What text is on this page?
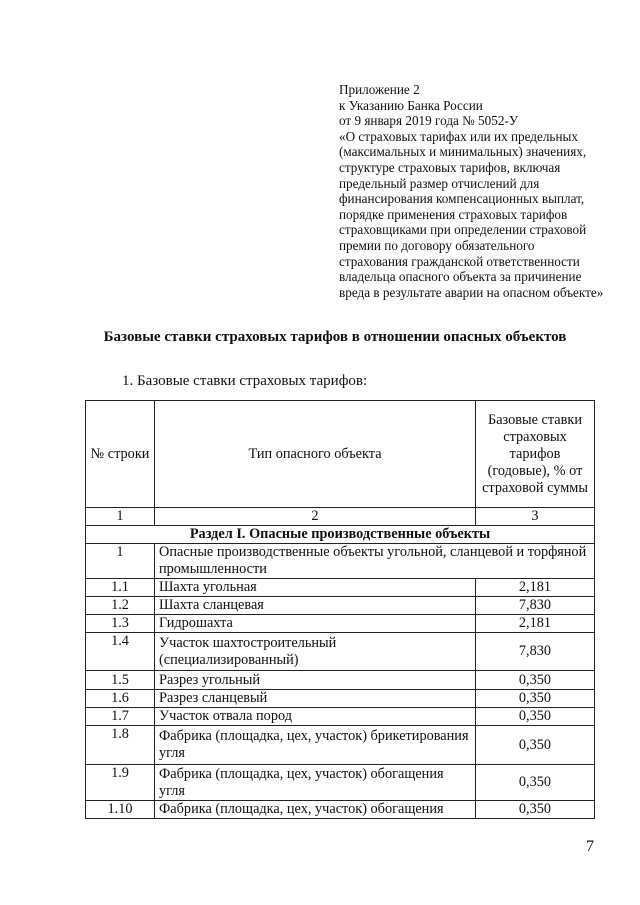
Приложение 2
к Указанию Банка России
от 9 января 2019 года № 5052-У
«О страховых тарифах или их предельных
(максимальных и минимальных) значениях,
структуре страховых тарифов, включая
предельный размер отчислений для
финансирования компенсационных выплат,
порядке применения страховых тарифов
страховщиками при определении страховой
премии по договору обязательного
страхования гражданской ответственности
владельца опасного объекта за причинение
вреда в результате аварии на опасном объекте»
Базовые ставки страховых тарифов в отношении опасных объектов
1. Базовые ставки страховых тарифов:
№ строки	Тип опасного объекта	Базовые ставки страховых тарифов (годовые), % от страховой суммы
1	2	3
Раздел I. Опасные производственные объекты		
1	Опасные производственные объекты угольной, сланцевой и торфяной промышленности	
1.1	Шахта угольная	2,181
1.2	Шахта сланцевая	7,830
1.3	Гидрошахта	2,181
1.4	Участок шахтостроительный (специализированный)	7,830
1.5	Разрез угольный	0,350
1.6	Разрез сланцевый	0,350
1.7	Участок отвала пород	0,350
1.8	Фабрика (площадка, цех, участок) брикетирования угля	0,350
1.9	Фабрика (площадка, цех, участок) обогащения угля	0,350
1.10	Фабрика (площадка, цех, участок) обогащения	0,350
7
